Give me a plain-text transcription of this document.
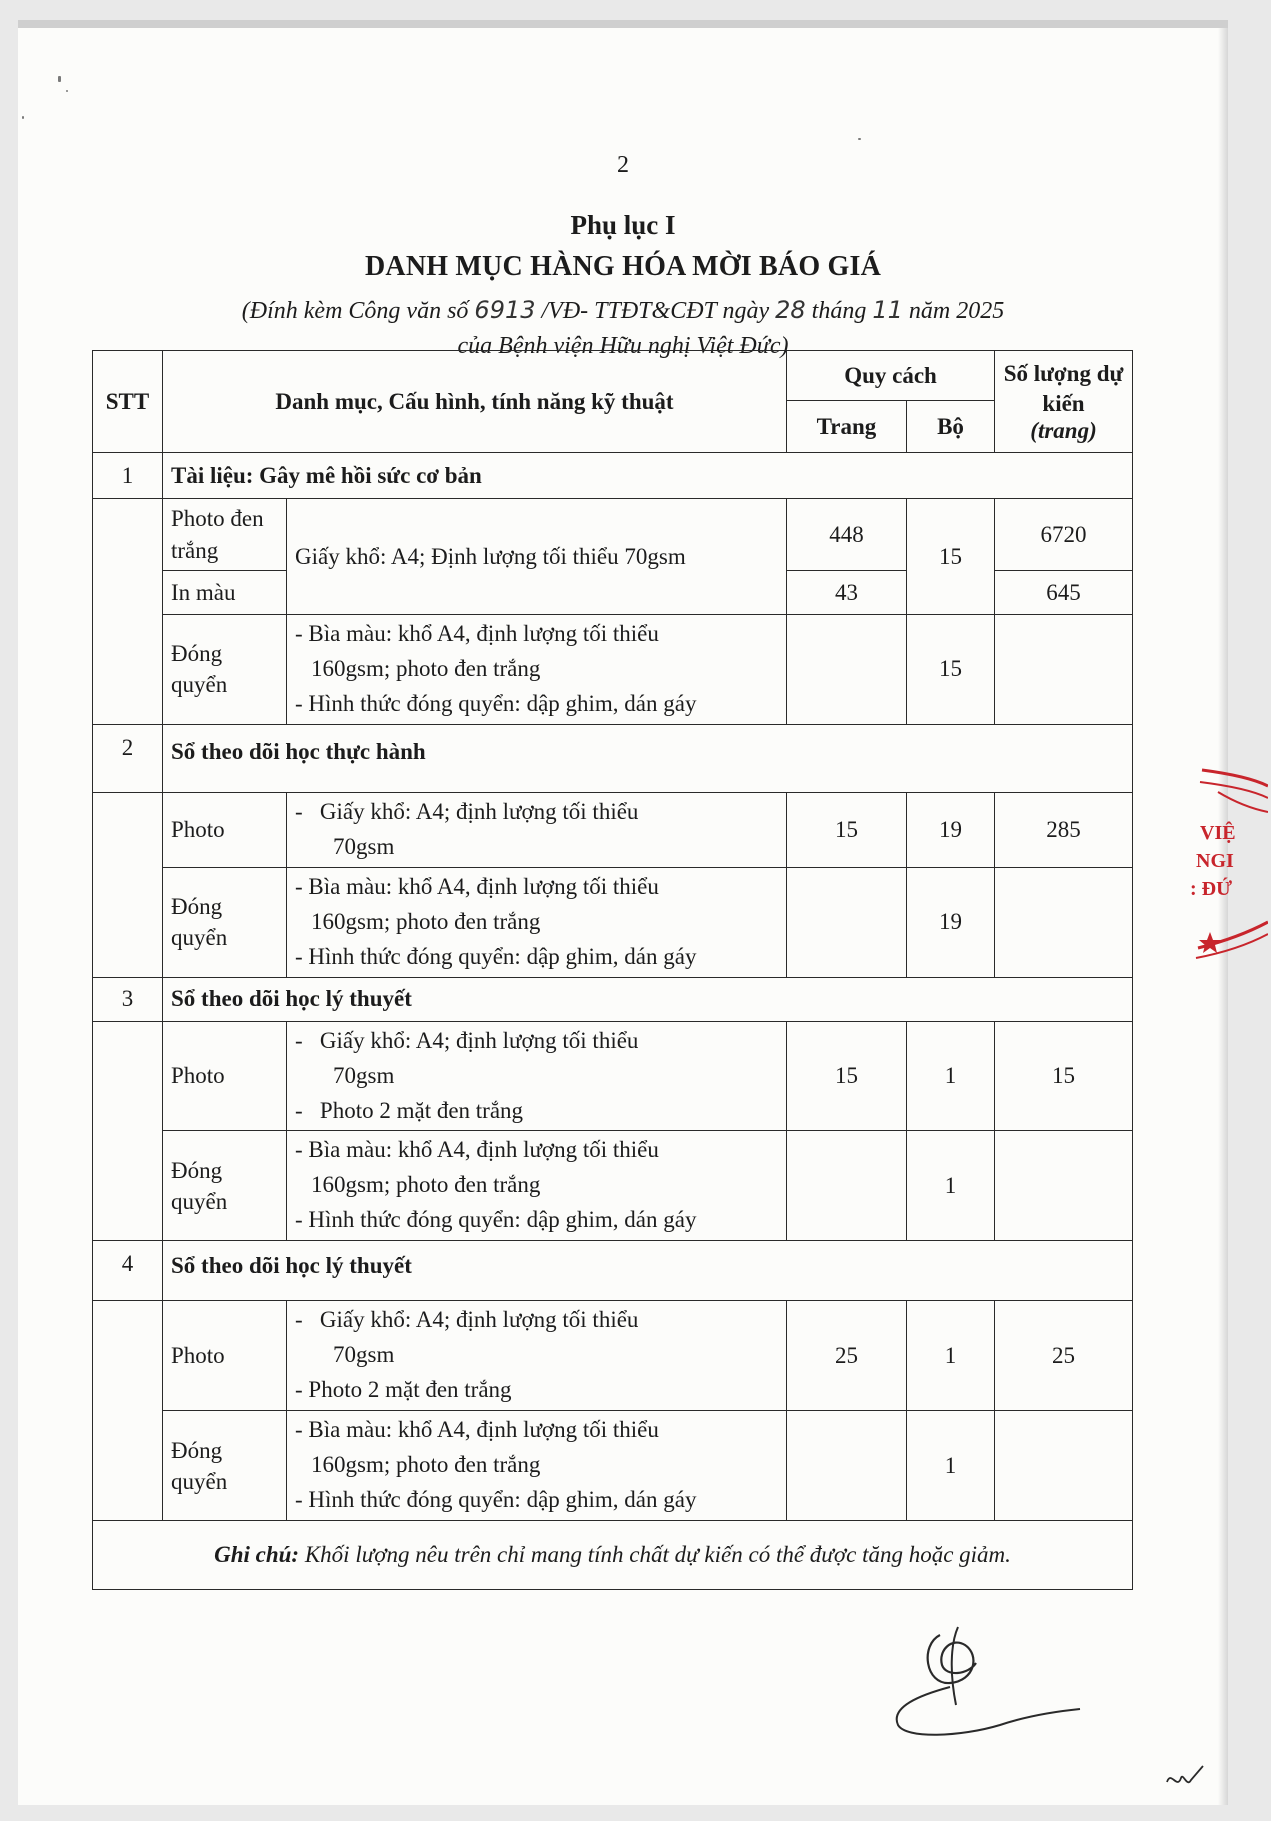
2
Phụ lục I
DANH MỤC HÀNG HÓA MỜI BÁO GIÁ
(Đính kèm Công văn số 6913 /VĐ- TTĐT&CĐT ngày 28 tháng 11 năm 2025
của Bệnh viện Hữu nghị Việt Đức)
STT	Danh mục, Cấu hình, tính năng kỹ thuật		Quy cách		Số lượng dự kiến
(trang)

			Trang	Bộ	
1	Tài liệu: Gây mê hồi sức cơ bản				
	Photo đen trắng	Giấy khổ: A4; Định lượng tối thiểu 70gsm	448	15	6720
	In màu		43		645
	Đóng quyển	- Bìa màu: khổ A4, định lượng tối thiểu
160gsm; photo đen trắng
- Hình thức đóng quyển: dập ghim, dán gáy		15	
2	Sổ theo dõi học thực hành				
	Photo	-   Giấy khổ: A4; định lượng tối thiểu
70gsm	15	19	285
	Đóng quyển	- Bìa màu: khổ A4, định lượng tối thiểu
160gsm; photo đen trắng
- Hình thức đóng quyển: dập ghim, dán gáy		19	
3	Sổ theo dõi học lý thuyết				
	Photo	-   Giấy khổ: A4; định lượng tối thiểu
70gsm
-   Photo 2 mặt đen trắng	15	1	15
	Đóng quyển	- Bìa màu: khổ A4, định lượng tối thiểu
160gsm; photo đen trắng
- Hình thức đóng quyển: dập ghim, dán gáy		1	
4	Sổ theo dõi học lý thuyết				
	Photo	-   Giấy khổ: A4; định lượng tối thiểu
70gsm
- Photo 2 mặt đen trắng	25	1	25
	Đóng quyển	- Bìa màu: khổ A4, định lượng tối thiểu
160gsm; photo đen trắng
- Hình thức đóng quyển: dập ghim, dán gáy		1	
Ghi chú: Khối lượng nêu trên chỉ mang tính chất dự kiến có thể được tăng hoặc giảm.					
VIỆ
NGI
: ĐỨ
